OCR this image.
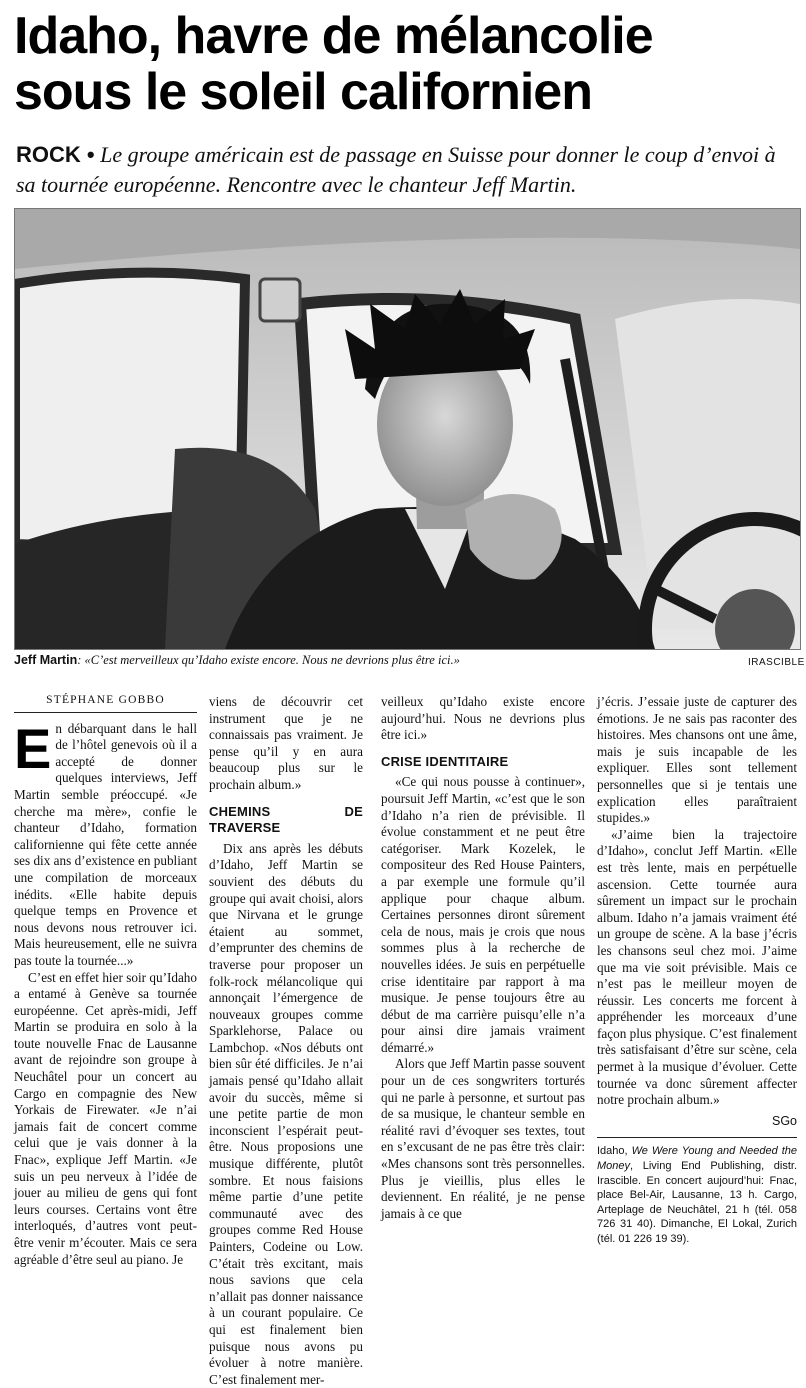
Idaho, havre de mélancolie
sous le soleil californien
ROCK • Le groupe américain est de passage en Suisse pour donner le coup d’envoi à sa tournée européenne. Rencontre avec le chanteur Jeff Martin.
Jeff Martin: «C’est merveilleux qu’Idaho existe encore. Nous ne devrions plus être ici.»	IRASCIBLE
STÉPHANE GOBBO

En débarquant dans le hall de l’hôtel genevois où il a accepté de donner quelques interviews, Jeff Martin semble préoccupé. «Je cherche ma mère», confie le chanteur d’Idaho, formation californienne qui fête cette année ses dix ans d’existence en publiant une compilation de morceaux inédits. «Elle habite depuis quelque temps en Provence et nous devons nous retrouver ici. Mais heureusement, elle ne suivra pas toute la tournée...»

C’est en effet hier soir qu’Idaho a entamé à Genève sa tournée européenne. Cet après-midi, Jeff Martin se produira en solo à la toute nouvelle Fnac de Lausanne avant de rejoindre son groupe à Neuchâtel pour un concert au Cargo en compagnie des New Yorkais de Firewater. «Je n’ai jamais fait de concert comme celui que je vais donner à la Fnac», explique Jeff Martin. «Je suis un peu nerveux à l’idée de jouer au milieu de gens qui font leurs courses. Certains vont être interloqués, d’autres vont peut-être venir m’écouter. Mais ce sera agréable d’être seul au piano. Je

viens de découvrir cet instrument que je ne connaissais pas vraiment. Je pense qu’il y en aura beaucoup plus sur le prochain album.»

CHEMINS DE TRAVERSE

Dix ans après les débuts d’Idaho, Jeff Martin se souvient des débuts du groupe qui avait choisi, alors que Nirvana et le grunge étaient au sommet, d’emprunter des chemins de traverse pour proposer un folk-rock mélancolique qui annonçait l’émergence de nouveaux groupes comme Sparklehorse, Palace ou Lambchop. «Nos débuts ont bien sûr été difficiles. Je n’ai jamais pensé qu’Idaho allait avoir du succès, même si une petite partie de mon inconscient l’espérait peut-être. Nous proposions une musique différente, plutôt sombre. Et nous faisions même partie d’une petite communauté avec des groupes comme Red House Painters, Codeine ou Low. C’était très excitant, mais nous savions que cela n’allait pas donner naissance à un courant populaire. Ce qui est finalement bien puisque nous avons pu évoluer à notre manière. C’est finalement mer-

veilleux qu’Idaho existe encore aujourd’hui. Nous ne devrions plus être ici.»

CRISE IDENTITAIRE

«Ce qui nous pousse à continuer», poursuit Jeff Martin, «c’est que le son d’Idaho n’a rien de prévisible. Il évolue constamment et ne peut être catégoriser. Mark Kozelek, le compositeur des Red House Painters, a par exemple une formule qu’il applique pour chaque album. Certaines personnes diront sûrement cela de nous, mais je crois que nous sommes plus à la recherche de nouvelles idées. Je suis en perpétuelle crise identitaire par rapport à ma musique. Je pense toujours être au début de ma carrière puisqu’elle n’a pour ainsi dire jamais vraiment démarré.»

Alors que Jeff Martin passe souvent pour un de ces songwriters torturés qui ne parle à personne, et surtout pas de sa musique, le chanteur semble en réalité ravi d’évoquer ses textes, tout en s’excusant de ne pas être très clair: «Mes chansons sont très personnelles. Plus je vieillis, plus elles le deviennent. En réalité, je ne pense jamais à ce que

j’écris. J’essaie juste de capturer des émotions. Je ne sais pas raconter des histoires. Mes chansons ont une âme, mais je suis incapable de les expliquer. Elles sont tellement personnelles que si je tentais une explication elles paraîtraient stupides.»

«J’aime bien la trajectoire d’Idaho», conclut Jeff Martin. «Elle est très lente, mais en perpétuelle ascension. Cette tournée aura sûrement un impact sur le prochain album. Idaho n’a jamais vraiment été un groupe de scène. A la base j’écris les chansons seul chez moi. J’aime que ma vie soit prévisible. Mais ce n’est pas le meilleur moyen de réussir. Les concerts me forcent à appréhender les morceaux d’une façon plus physique. C’est finalement très satisfaisant d’être sur scène, cela permet à la musique d’évoluer. Cette tournée va donc sûrement affecter notre prochain album.»

SGo
Idaho, We Were Young and Needed the Money, Living End Publishing, distr. Irascible. En concert aujourd’hui: Fnac, place Bel-Air, Lausanne, 13 h. Cargo, Arteplage de Neuchâtel, 21 h (tél. 058 726 31 40). Dimanche, El Lokal, Zurich (tél. 01 226 19 39).
